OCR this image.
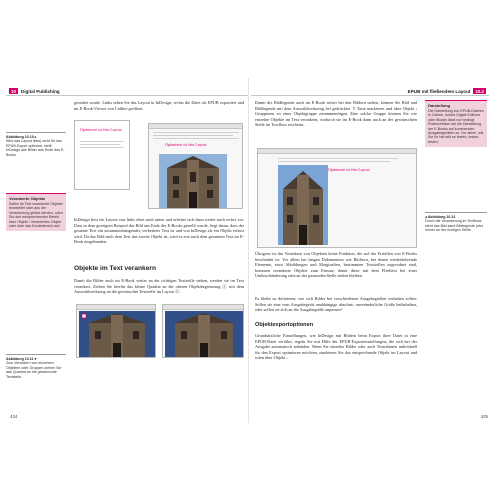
10	Digital Publishing
gestaltet wurde. Links sehen Sie das Layout in InDesign, rechts die Datei als EPUB exportiert und im E-Book-Viewer von Calibre geöffnet.
Optimierte ist fein Layout
Optimierte ist fein Layout
Abbildung 10.10 ▸
Wird das Layout links) nicht für das EPUB-Export optimiert, stellt InDesign alle Bilder ans Ende des E-Books.
Verankerte Objekte
Sollen im Text verankerte Objekte bearbeitet oder aus der Verankerung gelöst werden, rufen Sie den entsprechenden Befehl über Objekt › Verankertes Objekt oder über das Kontextmenü auf.
InDesign liest ein Layout von links oben nach unten und arbeitet sich dann weiter nach rechts vor. Dass in dem gezeigten Beispiel das Bild ans Ende des E-Books gestellt wurde, liegt daran, dass der gesamte Text ein zusammenhängender, verketteter Text ist und von InDesign als ein Objekt erfasst wird. Da das Bild nach dem Text das zweite Objekt ist, wird es erst nach dem gesamten Text im E-Book eingebunden.
Objekte im Text verankern
Damit die Bilder auch im E-Book weiter an der richtigen Textstelle stehen, werden sie im Text verankert. Ziehen Sie hierfür das kleine Quadrat an der oberen Objektbegrenzung ⓐ mit dem Auswahlwerkzeug an die gewünschte Textstelle im Layout ⓑ.
Abbildung 10.11 ▾
Zum Verankern von einzelnen Objekten oder Gruppen ziehen Sie das Quadrat an die gewünschte Textstelle.
424
EPUB mit fließendem Layout	10.2
Damit die Bildlegende auch im E-Book weiter bei den Bildern stehen, können Sie Bild und Bildlegende mit dem Auswahlwerkzeug bei gedrückter ⇧-Taste markieren und über Objekt › Gruppieren zu einer Objektgruppe zusammenfügen. Eine solche Gruppe können Sie wie einzelne Objekte im Text verankern, wodurch sie im E-Book dann auch an der gewünschten Stelle im Textfluss erscheint.
Darstellung
Die Darstellung von EPUB-Dateien in Calibre, Adobe Digital Editions oder iBooks lässt nur bedingt Rückschlüsse auf die Darstellung der E-Books auf kommenden Ausgabegeräten zu. Vor allem, wie Sie Ihr hat teilt es testen, testen, testen.
Optimierte ist fein Layout
◂ Abbildung 10.12
Durch die Verankerung im Textfluss steht das Bild samt Bildlegende jetzt immer an der richtigen Stelle.
Übrigens ist das Verankern von Objekten keine Funktion, die auf das Erstellen von E-Books beschränkt ist. Vor allem bei langen Dokumenten wie Büchern, bei denen wiederkehrende Elemente, etwa Abbildungen und Marginalien, bestimmten Textstellen zugeordnet sind, kommen verankerte Objekte zum Einsatz, damit diese mit dem Fließtext bei einer Umbruchänderung stets an der passenden Stelle stehen bleiben.
Es bleibt zu definieren, wie sich Bilder bei verschiedenen Ausgabegrößen verhalten sollen: Sollen sie eine vom Ausgabegerät unabhängige absolute, unveränderliche Größe beibehalten, oder sollen sie sich an die Ausgabegröße anpassen?
Objektexportoptionen
Grundsätzliche Einstellungen, wie InDesign mit Bildern beim Export ihrer Datei in eine EPUB-Datei verfährt, regeln Sie mit Hilfe der EPUB-Exporteinstellungen, die sich bei der Ausgabe automatisch anbinden. Wenn Sie einzelne Bilder oder auch Textrahmen individuell für den Export optimieren möchten, markieren Sie das entsprechende Objekt im Layout und rufen über Objekt ›
425
